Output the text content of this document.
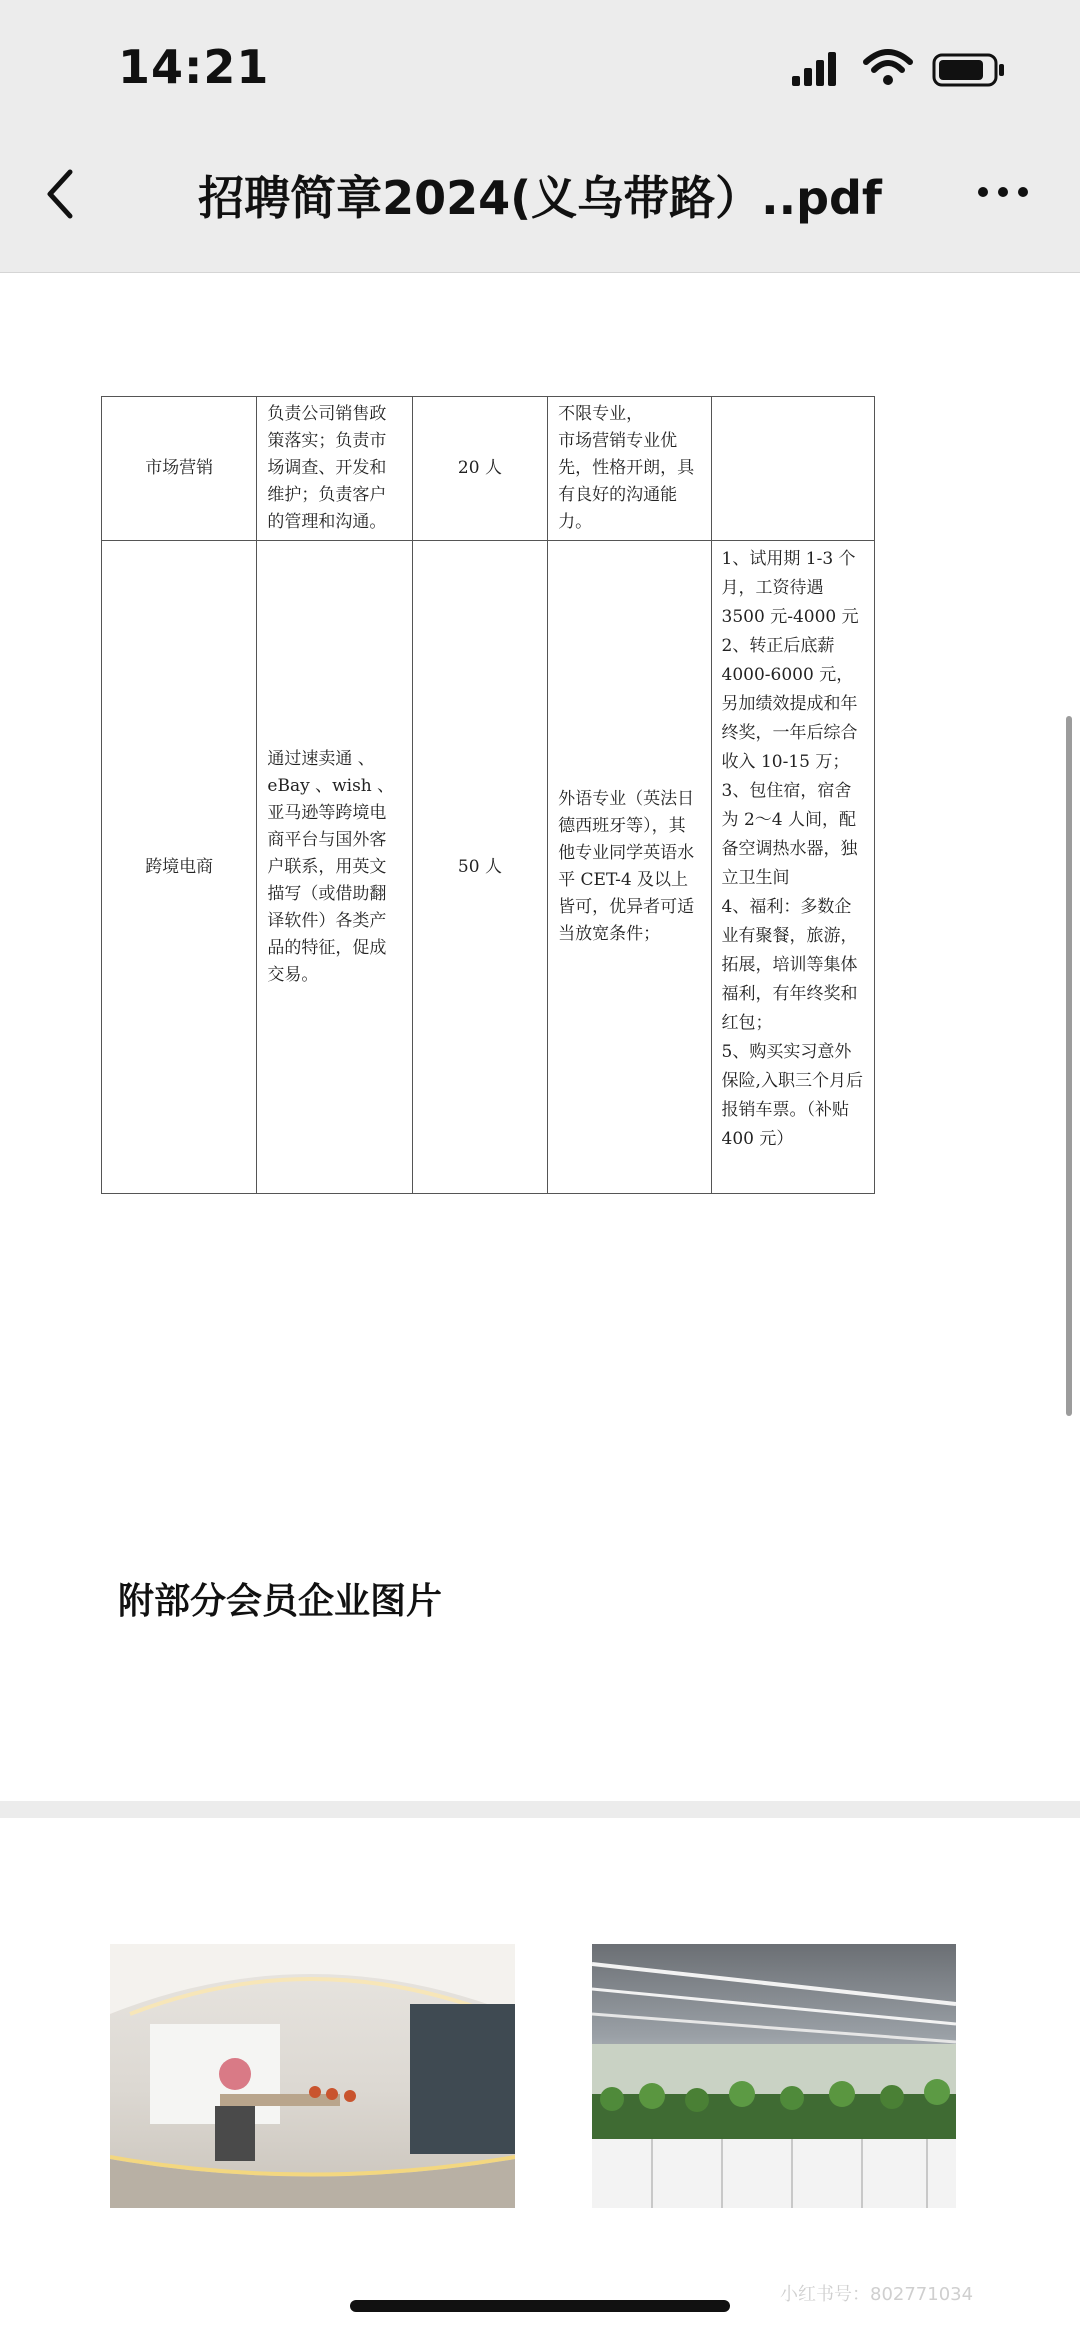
14:21
招聘简章2024(义乌带路）..pdf
市场营销	负责公司销售政策落实；负责市场调查、开发和维护；负责客户的管理和沟通。	20 人	不限专业，
市场营销专业优先，性格开朗，具有良好的沟通能力。	
跨境电商	通过速卖通 、eBay 、wish 、亚马逊等跨境电商平台与国外客户联系，用英文描写（或借助翻译软件）各类产品的特征，促成交易。	50 人	外语专业（英法日德西班牙等），其他专业同学英语水平 CET-4 及以上皆可，优异者可适当放宽条件；	1、试用期 1-3 个月，工资待遇 3500 元-4000 元
2、转正后底薪 4000-6000 元，另加绩效提成和年终奖，一年后综合收入 10-15 万；
3、包住宿，宿舍为 2～4 人间，配备空调热水器，独立卫生间
4、福利：多数企业有聚餐，旅游，拓展，培训等集体福利，有年终奖和红包；
5、购买实习意外保险,入职三个月后报销车票。（补贴 400 元）
附部分会员企业图片
小红书号：802771034
